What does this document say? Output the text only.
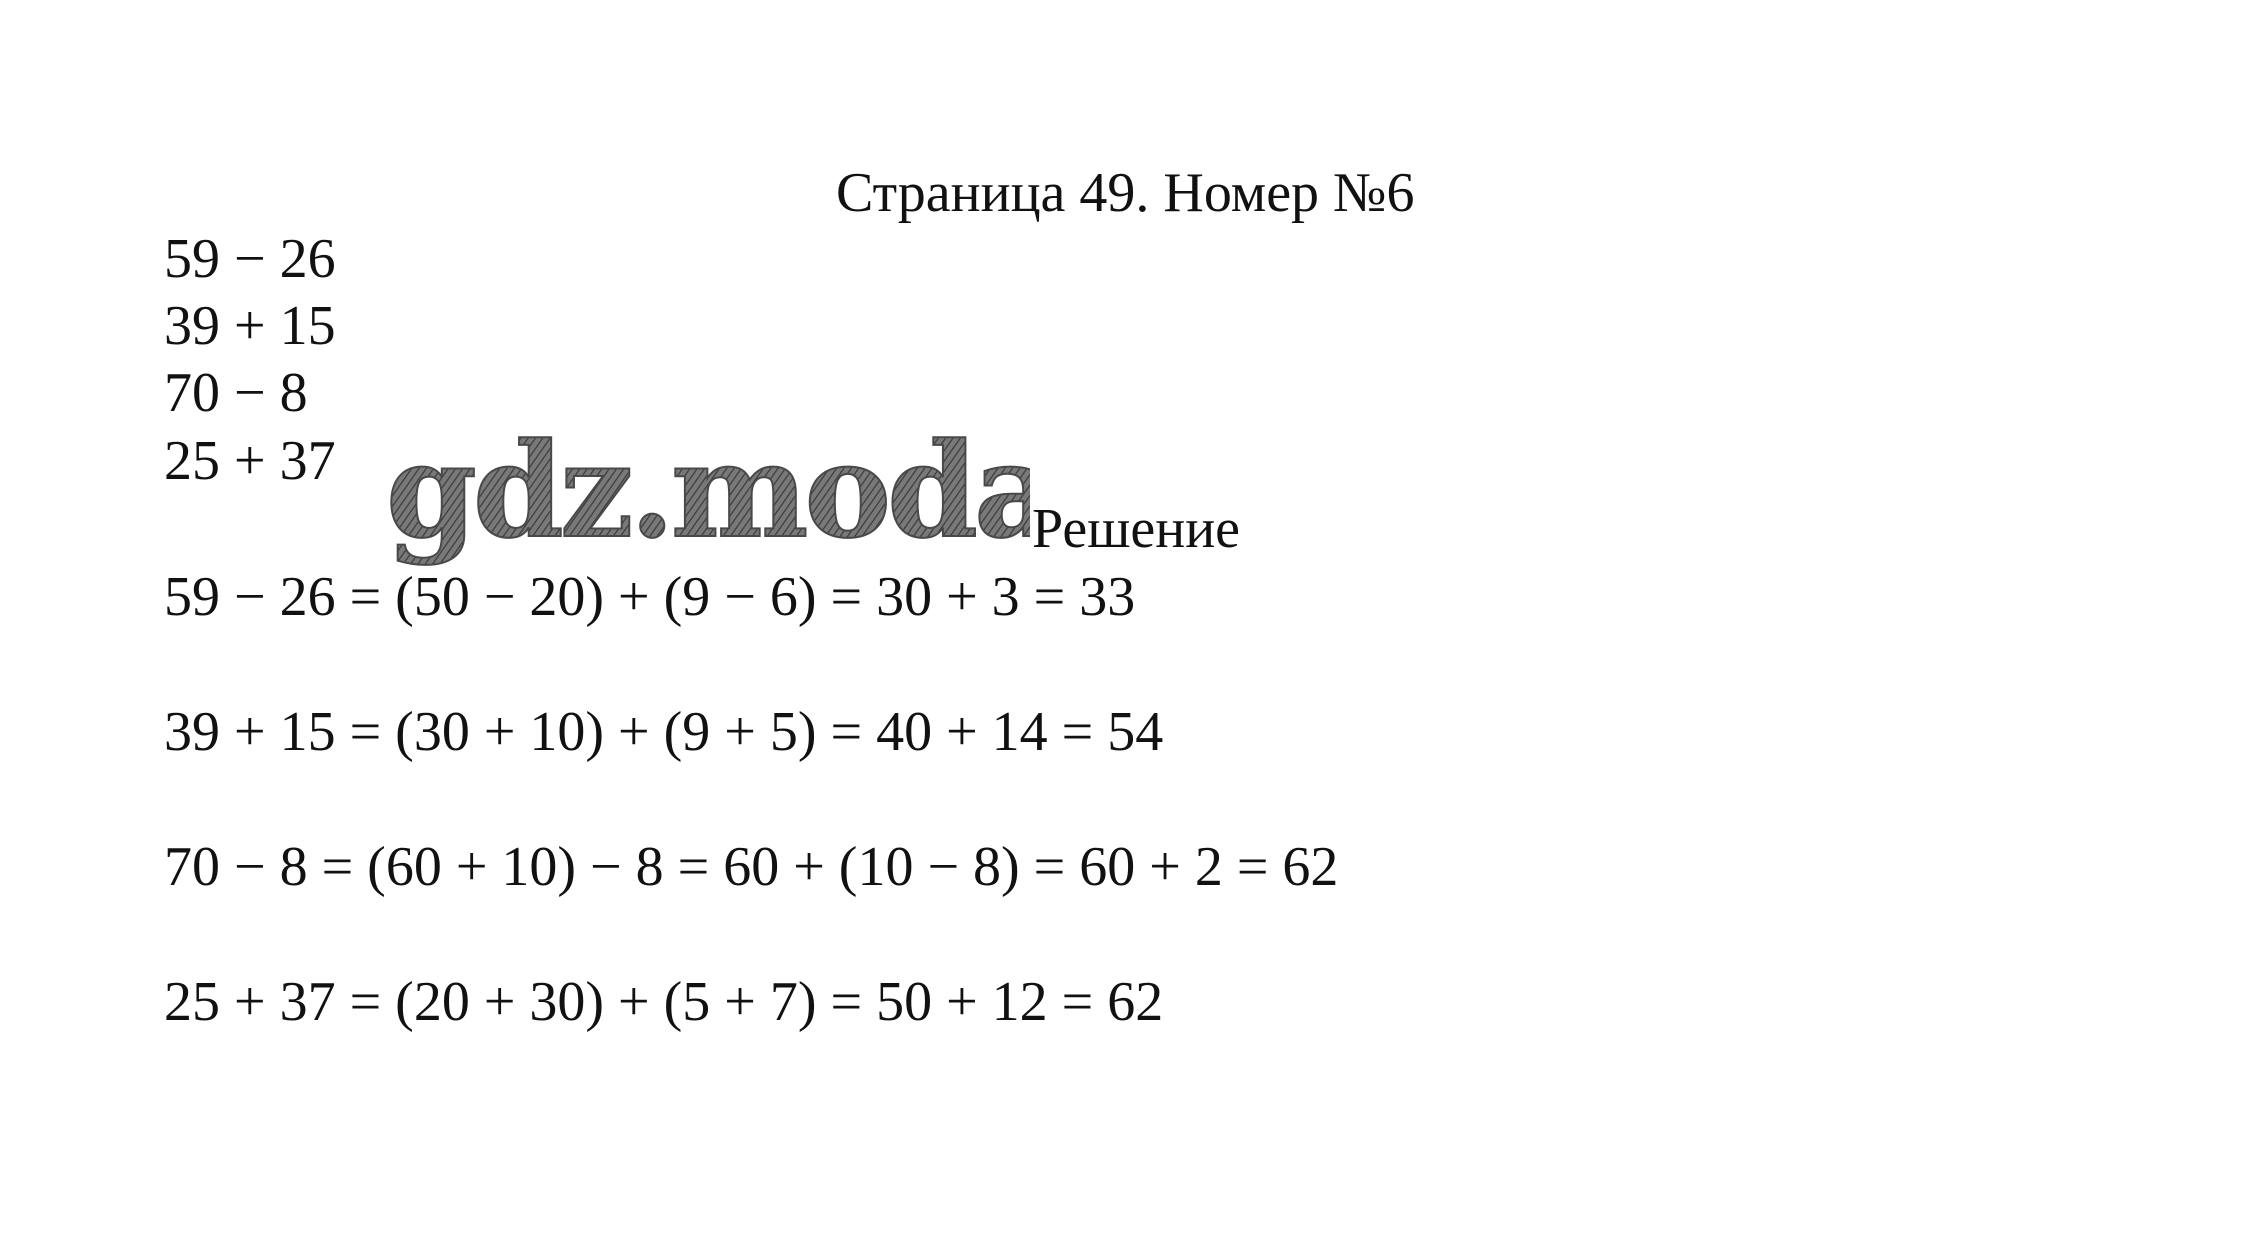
Страница 49. Номер №6
59 − 26
39 + 15
70 − 8
25 + 37 gdz.moda
Решение
59 − 26 = (50 − 20) + (9 − 6) = 30 + 3 = 33
39 + 15 = (30 + 10) + (9 + 5) = 40 + 14 = 54
70 − 8 = (60 + 10) − 8 = 60 + (10 − 8) = 60 + 2 = 62
25 + 37 = (20 + 30) + (5 + 7) = 50 + 12 = 62
